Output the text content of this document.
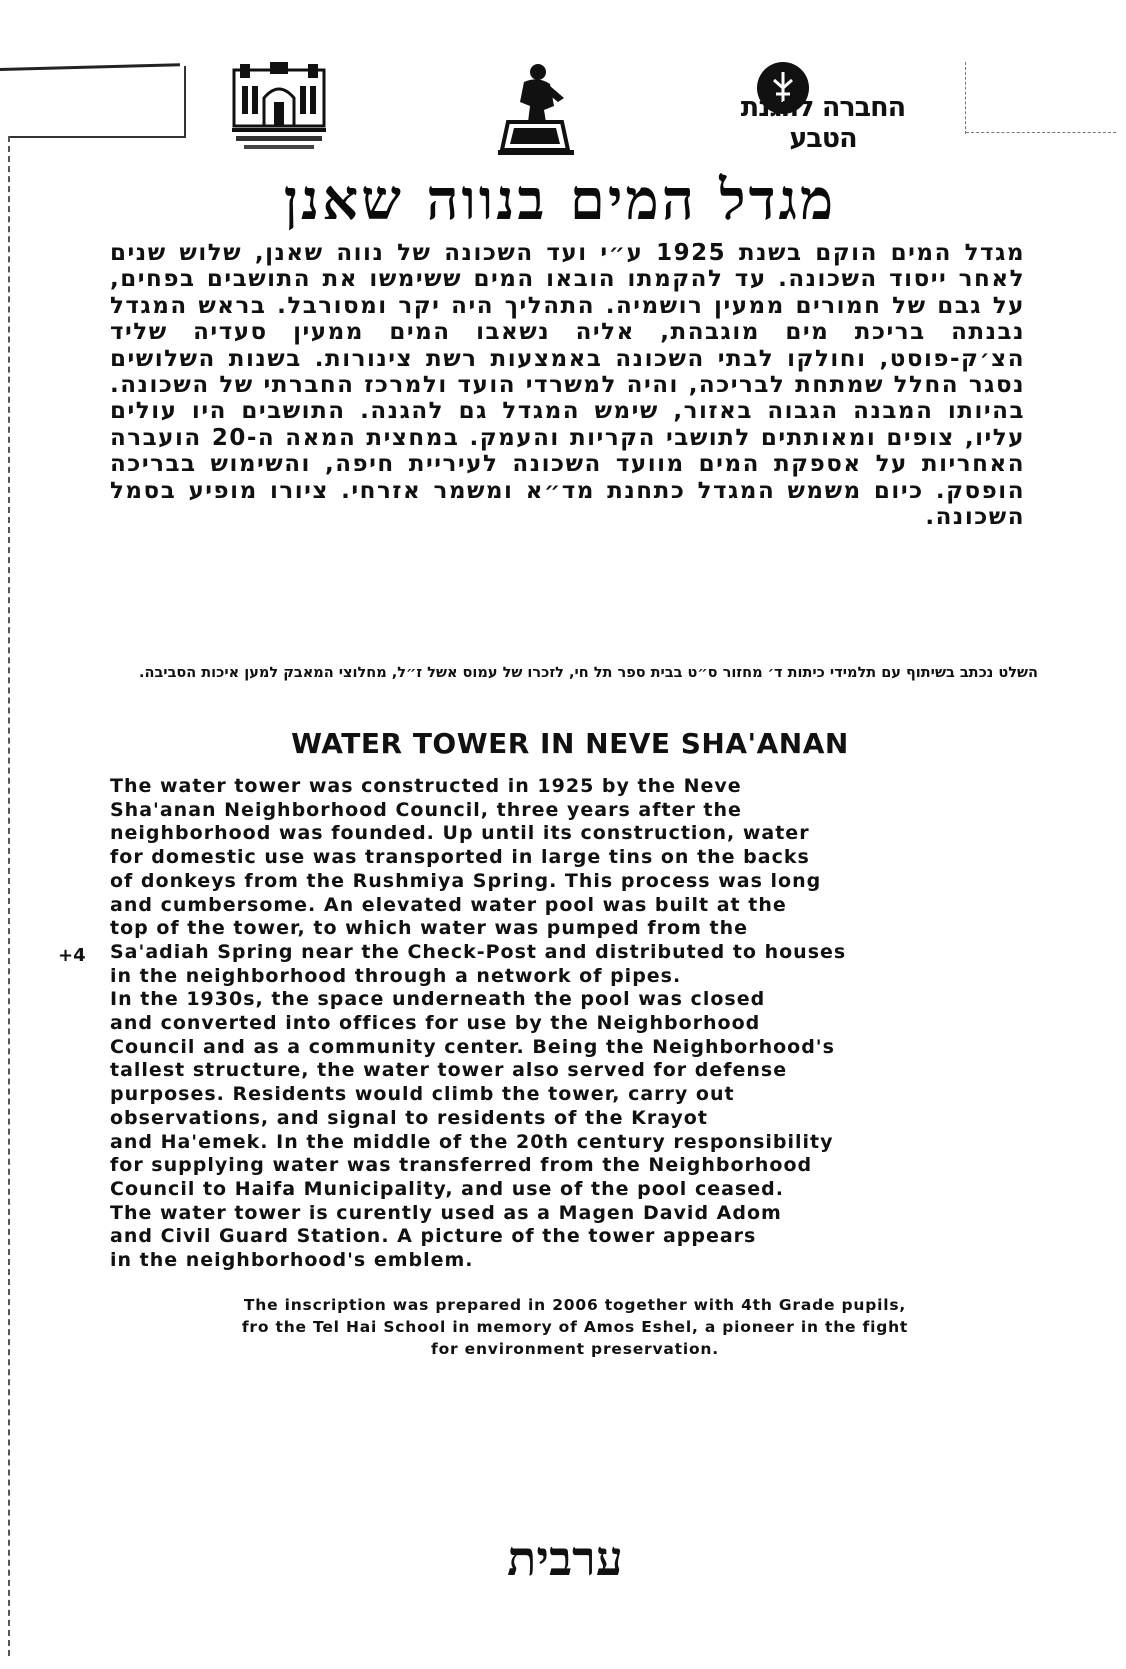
החברה להגנת הטבע
מגדל המים בנווה שאנן
מגדל המים הוקם בשנת 1925 ע״י ועד השכונה של נווה שאנן, שלוש שנים לאחר ייסוד השכונה. עד להקמתו הובאו המים ששימשו את התושבים בפחים, על גבם של חמורים ממעין רושמיה. התהליך היה יקר ומסורבל. בראש המגדל נבנתה בריכת מים מוגבהת, אליה נשאבו המים ממעין סעדיה שליד הצ׳ק-פוסט, וחולקו לבתי השכונה באמצעות רשת צינורות. בשנות השלושים נסגר החלל שמתחת לבריכה, והיה למשרדי הועד ולמרכז החברתי של השכונה. בהיותו המבנה הגבוה באזור, שימש המגדל גם להגנה. התושבים היו עולים עליו, צופים ומאותתים לתושבי הקריות והעמק. במחצית המאה ה-20 הועברה האחריות על אספקת המים מוועד השכונה לעיריית חיפה, והשימוש בבריכה הופסק. כיום משמש המגדל כתחנת מד״א ומשמר אזרחי. ציורו מופיע בסמל השכונה.
השלט נכתב בשיתוף עם תלמידי כיתות ד׳ מחזור ס״ט בבית ספר תל חי, לזכרו של עמוס אשל ז״ל, מחלוצי המאבק למען איכות הסביבה.
WATER TOWER IN NEVE SHA'ANAN
+4

The water tower was constructed in 1925 by the Neve
Sha'anan Neighborhood Council, three years after the
neighborhood was founded. Up until its construction, water
for domestic use was transported in large tins on the backs
of donkeys from the Rushmiya Spring. This process was long
and cumbersome. An elevated water pool was built at the
top of the tower, to which water was pumped from the
Sa'adiah Spring near the Check-Post and distributed to houses
in the neighborhood through a network of pipes.

In the 1930s, the space underneath the pool was closed
and converted into offices for use by the Neighborhood
Council and as a community center. Being the Neighborhood's
tallest structure, the water tower also served for defense
purposes. Residents would climb the tower, carry out
observations, and signal to residents of the Krayot
and Ha'emek. In the middle of the 20th century responsibility
for supplying water was transferred from the Neighborhood
Council to Haifa Municipality, and use of the pool ceased.
The water tower is curently used as a Magen David Adom
and Civil Guard Station. A picture of the tower appears
in the neighborhood's emblem.

The inscription was prepared in 2006 together with 4th Grade pupils,
fro the Tel Hai School in memory of Amos Eshel, a pioneer in the fight
for environment preservation.
ערבית
